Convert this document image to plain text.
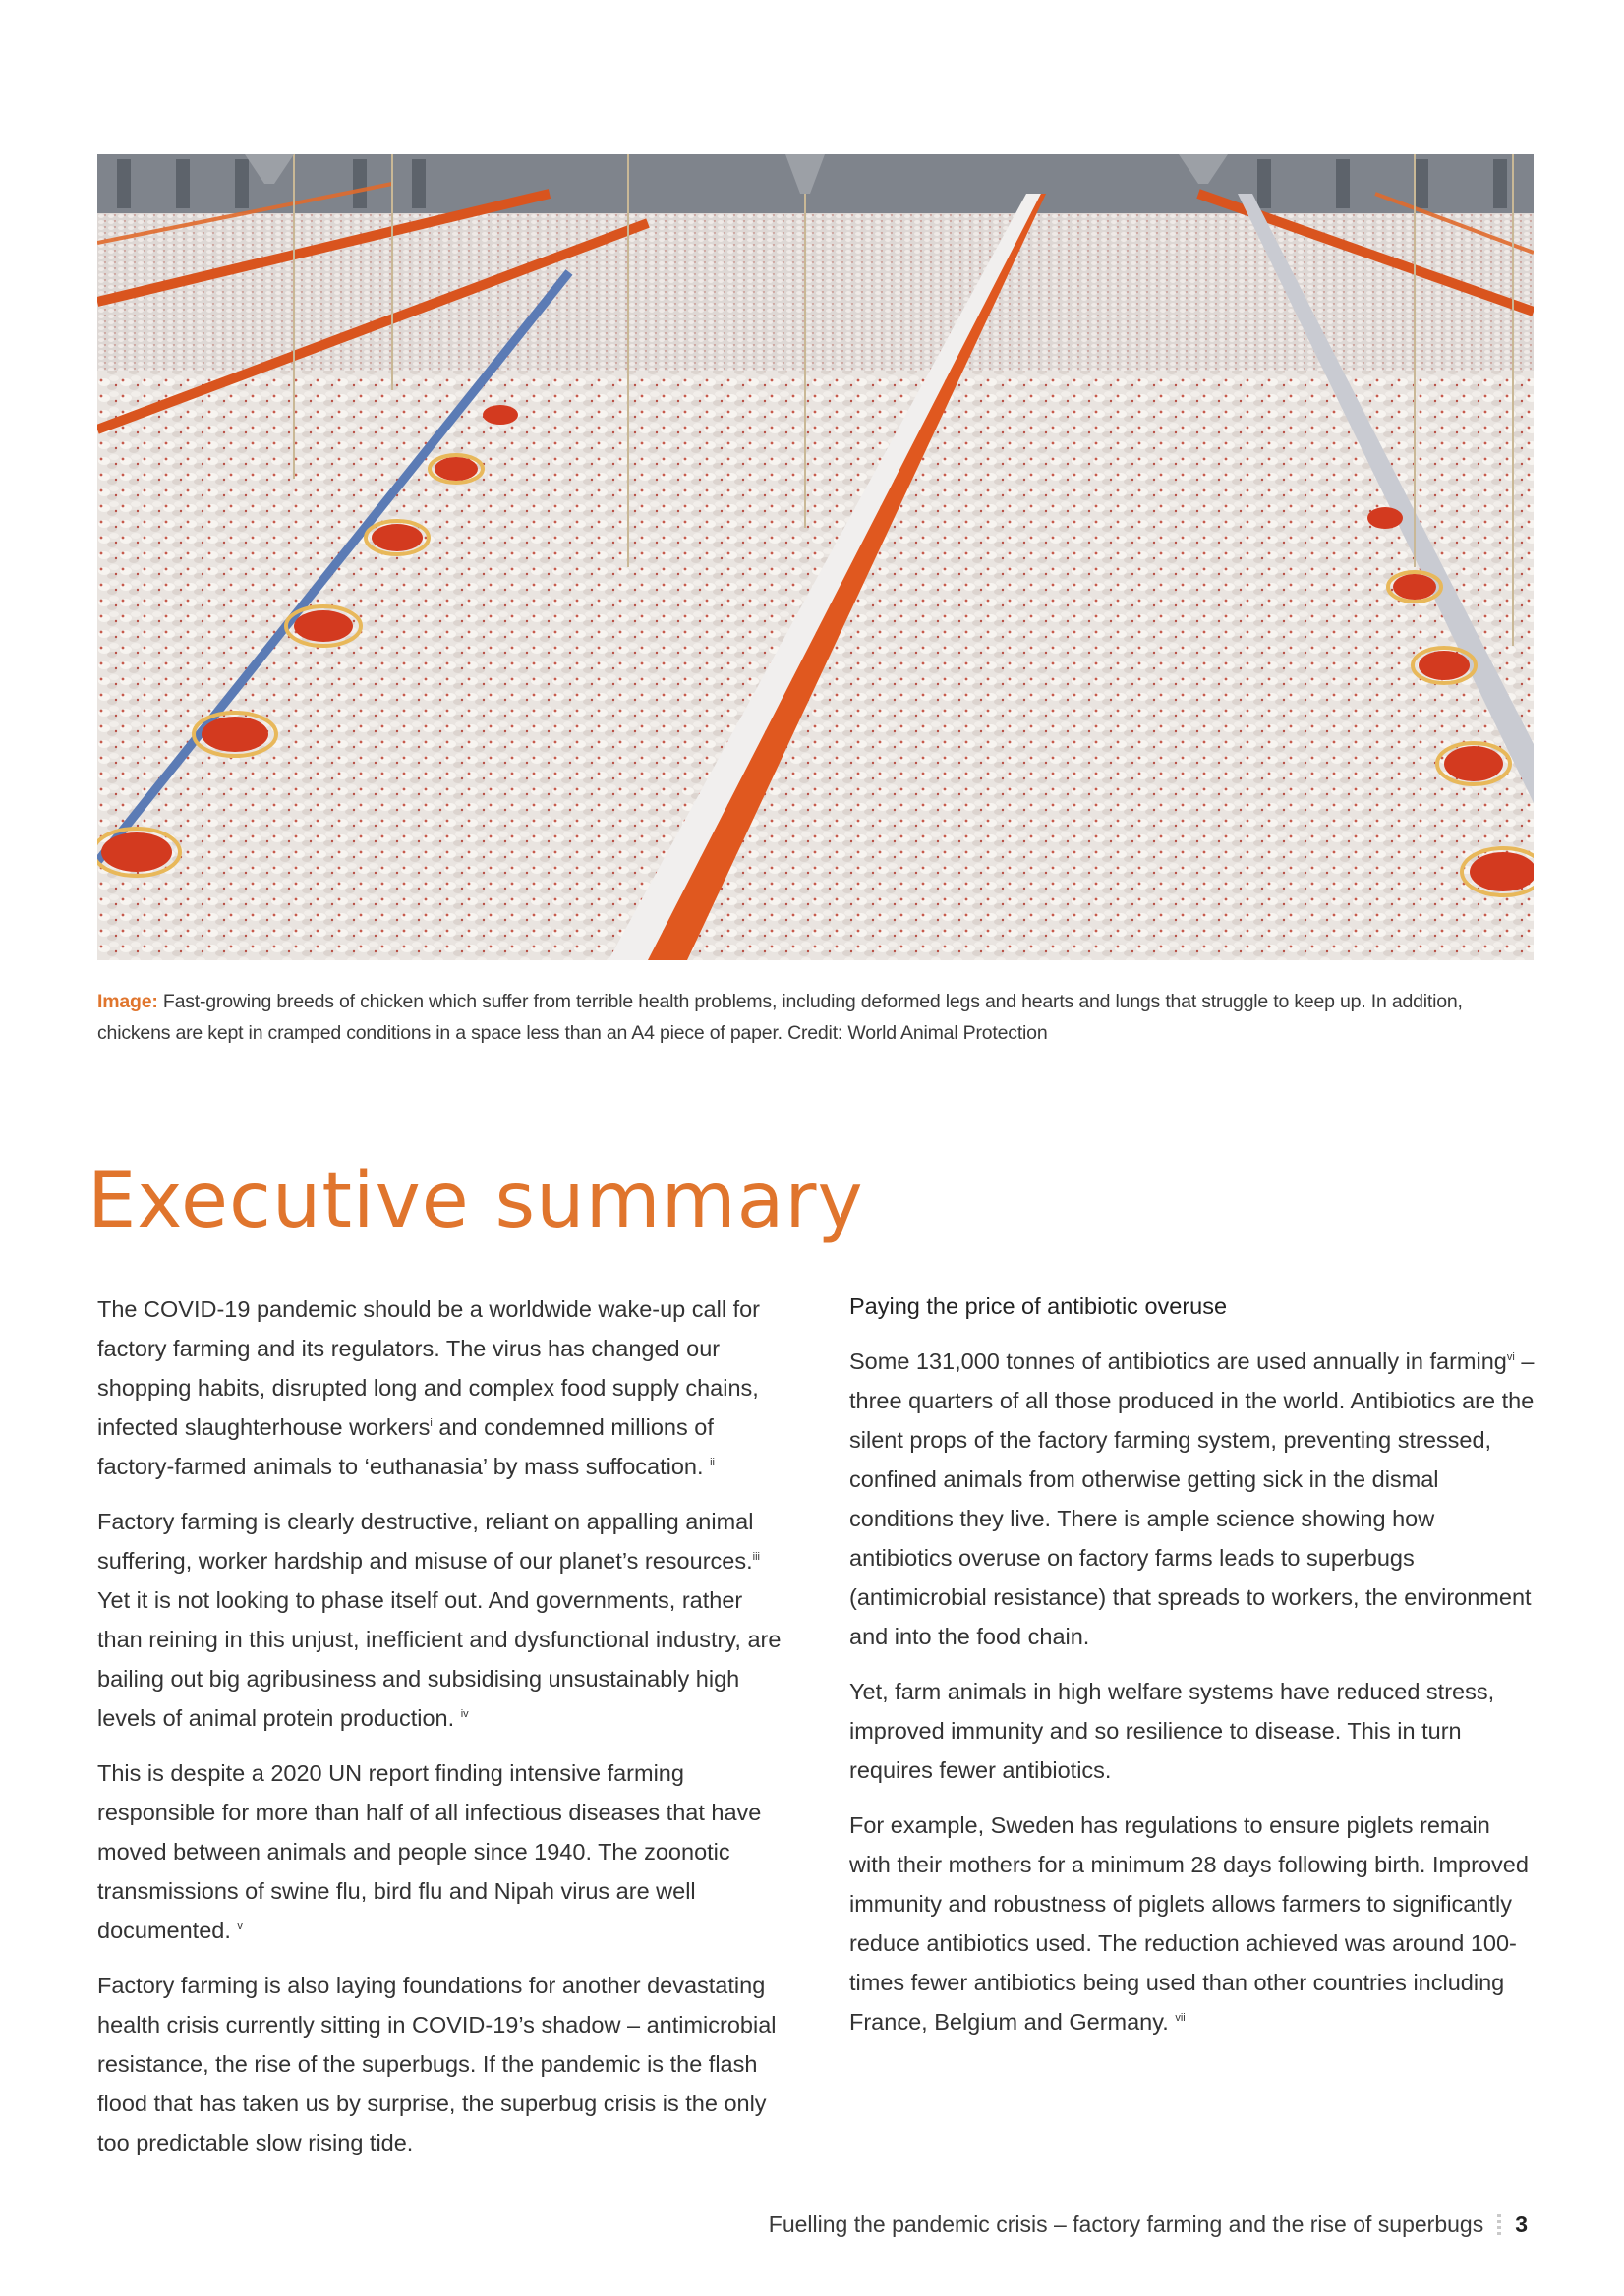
Image: Fast-growing breeds of chicken which suffer from terrible health problems, including deformed legs and hearts and lungs that struggle to keep up. In addition, chickens are kept in cramped conditions in a space less than an A4 piece of paper. Credit: World Animal Protection
Executive summary

The COVID-19 pandemic should be a worldwide wake-up call for factory farming and its regulators. The virus has changed our shopping habits, disrupted long and complex food supply chains, infected slaughterhouse workers$^i$ and condemned millions of factory-farmed animals to ‘euthanasia’ by mass suffocation. $^{ii}$

Factory farming is clearly destructive, reliant on appalling animal suffering, worker hardship and misuse of our planet’s resources.$^{iii}$ Yet it is not looking to phase itself out. And governments, rather than reining in this unjust, inefficient and dysfunctional industry, are bailing out big agribusiness and subsidising unsustainably high levels of animal protein production. $^{iv}$

This is despite a 2020 UN report finding intensive farming responsible for more than half of all infectious diseases that have moved between animals and people since 1940. The zoonotic transmissions of swine flu, bird flu and Nipah virus are well documented. $^v$

Factory farming is also laying foundations for another devastating health crisis currently sitting in COVID-19’s shadow – antimicrobial resistance, the rise of the superbugs. If the pandemic is the flash flood that has taken us by surprise, the superbug crisis is the only too predictable slow rising tide.

Paying the price of antibiotic overuse

Some 131,000 tonnes of antibiotics are used annually in farming$^{vi}$ – three quarters of all those produced in the world. Antibiotics are the silent props of the factory farming system, preventing stressed, confined animals from otherwise getting sick in the dismal conditions they live. There is ample science showing how antibiotics overuse on factory farms leads to superbugs (antimicrobial resistance) that spreads to workers, the environment and into the food chain.

Yet, farm animals in high welfare systems have reduced stress, improved immunity and so resilience to disease. This in turn requires fewer antibiotics.

For example, Sweden has regulations to ensure piglets remain with their mothers for a minimum 28 days following birth. Improved immunity and robustness of piglets allows farmers to significantly reduce antibiotics used. The reduction achieved was around 100-times fewer antibiotics being used than other countries including France, Belgium and Germany. $^{vii}$

Fuelling the pandemic crisis – factory farming and the rise of superbugs 3
